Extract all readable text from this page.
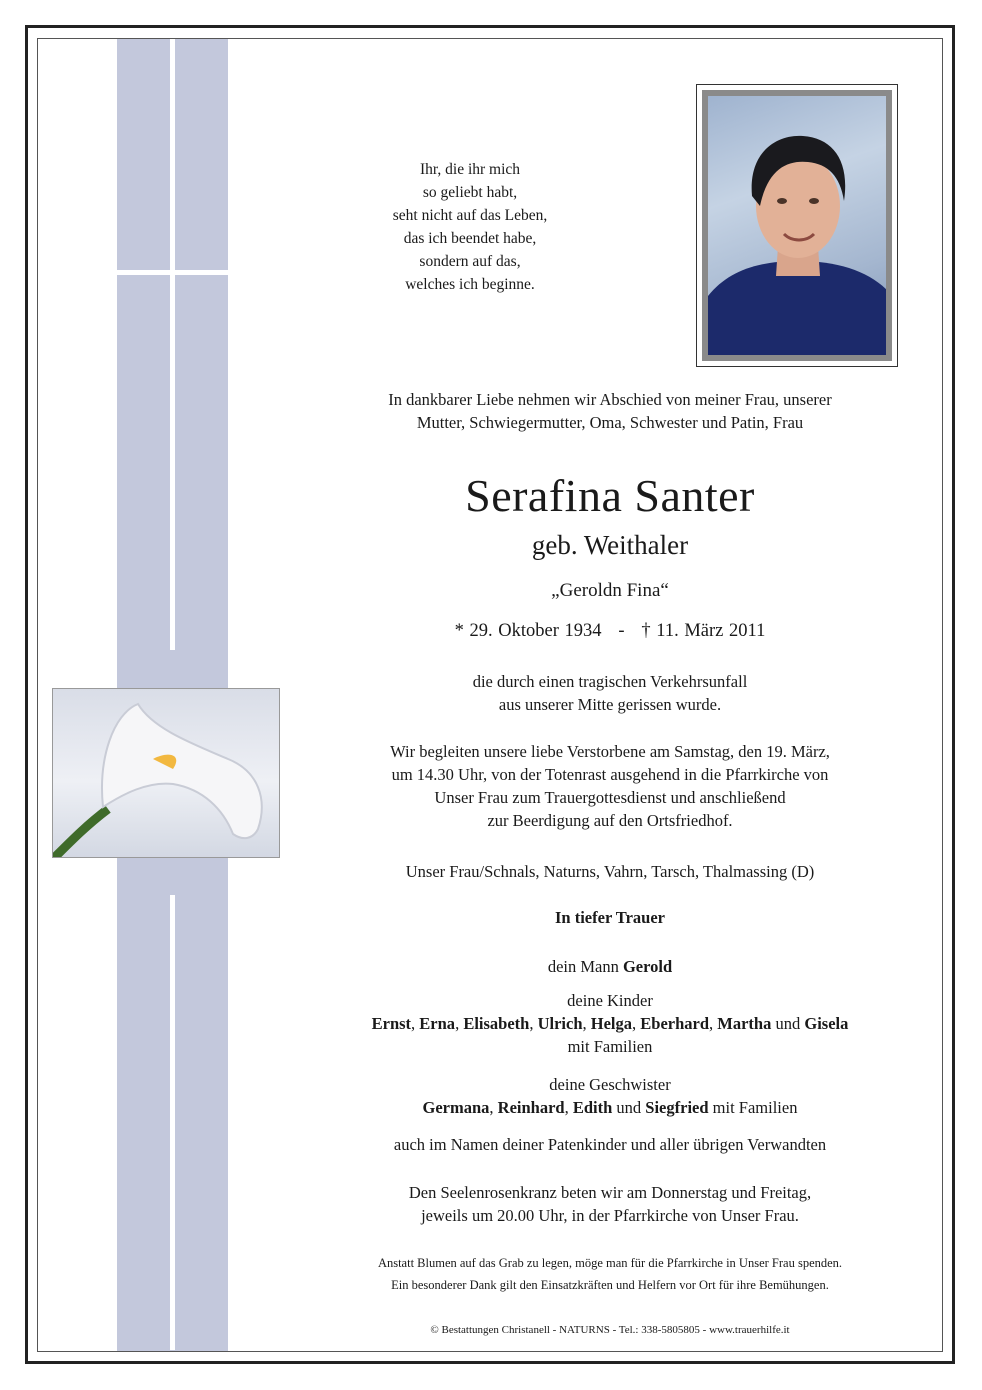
Ihr, die ihr mich
so geliebt habt,
seht nicht auf das Leben,
das ich beendet habe,
sondern auf das,
welches ich beginne.

In dankbarer Liebe nehmen wir Abschied von meiner Frau, unserer

Mutter, Schwiegermutter, Oma, Schwester und Patin, Frau

Serafina Santer
geb. Weithaler
„Geroldn Fina“
* 29. Oktober 1934   -   † 11. März 2011

die durch einen tragischen Verkehrsunfall

aus unserer Mitte gerissen wurde.

Wir begleiten unsere liebe Verstorbene am Samstag, den 19. März,

um 14.30 Uhr, von der Totenrast ausgehend in die Pfarrkirche von

Unser Frau zum Trauergottesdienst und anschließend

zur Beerdigung auf den Ortsfriedhof.

Unser Frau/Schnals, Naturns, Vahrn, Tarsch, Thalmassing (D)
In tiefer Trauer
dein Mann Gerold

deine Kinder

Ernst, Erna, Elisabeth, Ulrich, Helga, Eberhard, Martha und Gisela

mit Familien

deine Geschwister

Germana, Reinhard, Edith und Siegfried mit Familien

auch im Namen deiner Patenkinder und aller übrigen Verwandten

Den Seelenrosenkranz beten wir am Donnerstag und Freitag,

jeweils um 20.00 Uhr, in der Pfarrkirche von Unser Frau.

Anstatt Blumen auf das Grab zu legen, möge man für die Pfarrkirche in Unser Frau spenden.
Ein besonderer Dank gilt den Einsatzkräften und Helfern vor Ort für ihre Bemühungen.
© Bestattungen Christanell - NATURNS - Tel.: 338-5805805 - www.trauerhilfe.it
